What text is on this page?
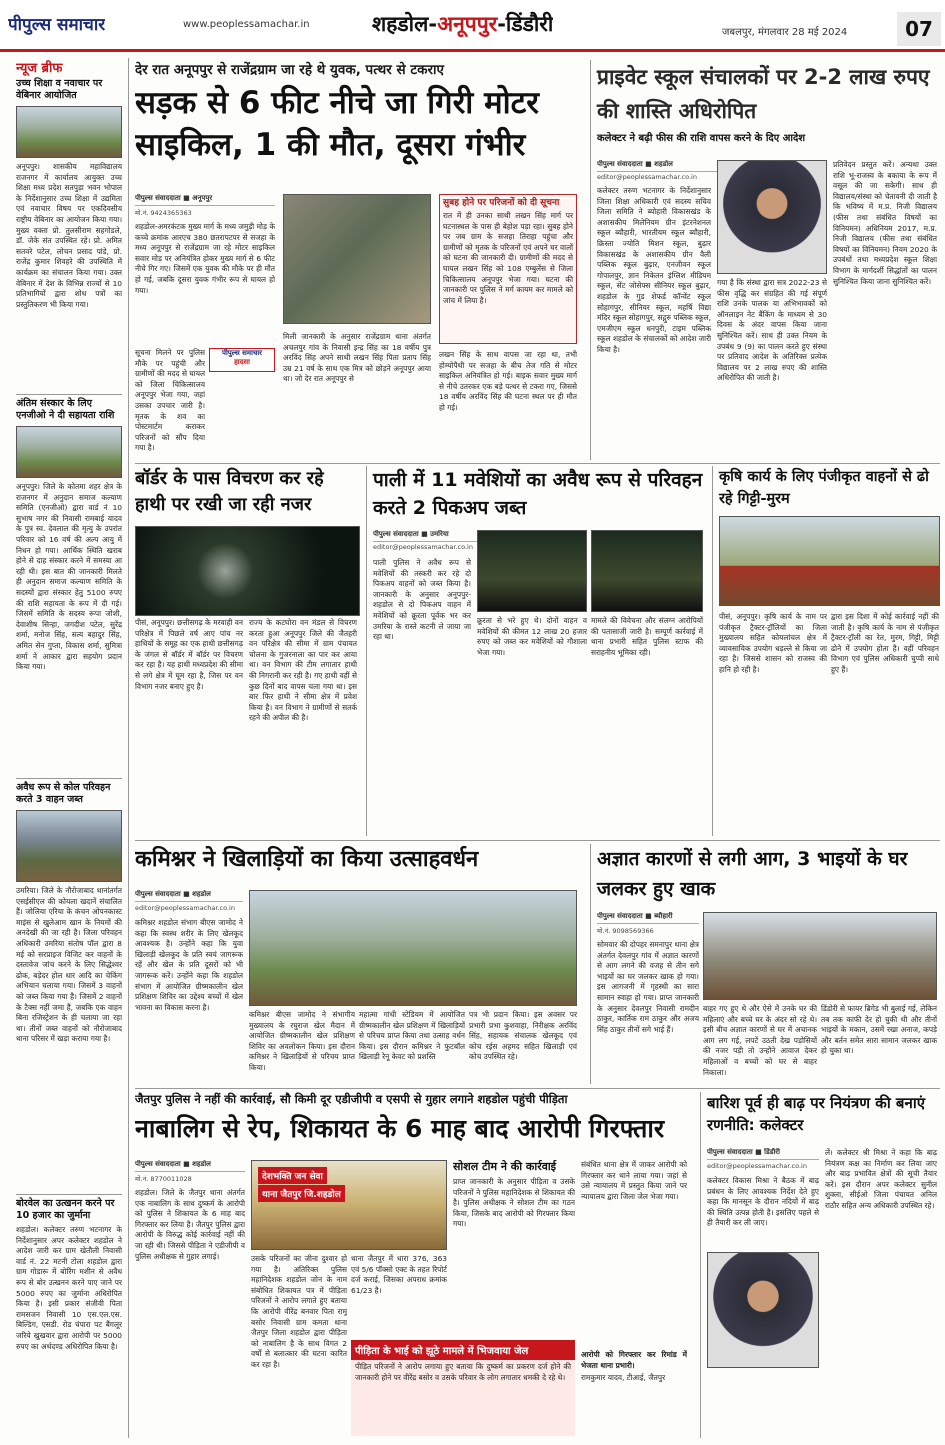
पीपुल्स समाचार	www.peoplessamachar.in	शहडोल-अनूपपुर-डिंडौरी	जबलपुर, मंगलवार 28 मई 2024	07
न्यूज ब्रीफ
उच्च शिक्षा व नवाचार पर वेबिनार आयोजित
अनूपपुर। शासकीय महाविद्यालय राजनगर में कार्यालय आयुक्त उच्च शिक्षा मध्य प्रदेश सतपुड़ा भवन भोपाल के निर्देशानुसार उच्च शिक्षा में उद्यमिता एवं नवाचार विषय पर एकदिवसीय राष्ट्रीय वेबिनार का आयोजन किया गया। मुख्य वक्ता प्रो. तुलसीराम सहगोडले, डॉ. जेके संत उपस्थित रहे। प्रो. अमित सतवरे पटेल, लोचन प्रसाद पांडे, प्रो. राजेंद्र कुमार शिवहरे की उपस्थिति में कार्यक्रम का संचालन किया गया। उक्त वेबिनार में देश के विभिन्न राज्यों से 10 प्रतिभागियों द्वारा शोध पत्रों का प्रस्तुतिकरण भी किया गया।
अंतिम संस्कार के लिए एनजीओ ने दी सहायता राशि
अनूपपुर। जिले के कोतमा शहर क्षेत्र के राजनगर में अनुदान समाज कल्याण समिति (एनजीओ) द्वारा वार्ड नं 10 सुभाष नगर की निवासी रामबाई यादव के पुत्र स्व. देवलाल की मृत्यु के उपरांत परिवार को 16 वर्ष की अल्प आयु में निधन हो गया। आर्थिक स्थिति खराब होने से दाह संस्कार करने में समस्या आ रही थी। इस बात की जानकारी मिलते ही अनुदान समाज कल्याण समिति के सदस्यों द्वारा संस्कार हेतु 5100 रुपए की राशि सहायता के रूप में दी गई। जिसमें समिति के सदस्य रूपा जोशी, देवाशीष सिन्हा, जगदीश पटेल, सुरेंद्र शर्मा, मनोज सिंह, सत्य बहादुर सिंह, अमित सेन गुप्ता, विकास शर्मा, सुमित्रा शर्मा ने आकार द्वारा सहयोग प्रदान किया गया।
अवैध रूप से कोल परिवहन करते 3 वाहन जब्त
उमरिया। जिले के नौरोजाबाद थानांतर्गत एसईसीएल की कोयला खदानें संचालित हैं। जोलिया एरिया के कंचन ओपनकास्ट माइंस से खुलेआम खान के नियमों की अनदेखी की जा रही है। जिला परिवहन अधिकारी उमरिया संतोष पॉल द्वारा 8 मई को सरप्राइज विजिट कर वाहनों के दस्तावेज जांच करने के लिए सिद्धेश्वर ढोक, बड़ेदर होल धार आदि का चेकिंग अभियान चलाया गया। जिसमें 3 वाहनों को जब्त किया गया है। जिसमें 2 वाहनों के टैक्स नहीं जमा हैं, जबकि एक वाहन बिना रजिस्ट्रेशन के ही चलाया जा रहा था। तीनों जब्त वाहनों को नौरोजाबाद थाना परिसर में खड़ा कराया गया है।
बोरवेल का उत्खनन करने पर 10 हजार का जुर्माना
शहडोल। कलेक्टर तरुण भटनागर के निर्देशानुसार अपर कलेक्टर शहडोल ने आदेश जारी कर ग्राम खेतौली निवासी वार्ड नं. 22 मटनी टोला शहडोल द्वारा ग्राम गोडारू में बोरिंग मशीन से अवैध रूप से बोर उत्खनन करने पाए जाने पर 5000 रुपए का जुर्माना अधिरोपित किया है। इसी प्रकार संजीवी पिता रामसजन निवासी 10 एस.एल.एस. बिल्डिंग, एसडी. रोड चंपारा पट बैंगलूर जरिये खुखवार द्वारा आरोपी पर 5000 रुपए का अर्थदण्ड अधिरोपित किया है।
देर रात अनूपपुर से राजेंद्रग्राम जा रहे थे युवक, पत्थर से टकराए
सड़क से 6 फीट नीचे जा गिरी मोटर साइकिल, 1 की मौत, दूसरा गंभीर
पीपुल्स संवाददाता ■ अनूपपुर
मो.नं. 9424365363
शहडोल-अमरकंटक मुख्य मार्ग के मध्य जमुड़ी मोड़ के कच्चे क्रमांक आरएच 380 छतरापटपर से सजहा के मध्य अनूपपुर से राजेंद्रग्राम जा रहे मोटर साइकिल सवार मोड़ पर अनियंत्रित होकर मुख्य मार्ग से 6 फीट नीचे गिर गए। जिसमें एक युवक की मौके पर ही मौत हो गई, जबकि दूसरा युवक गंभीर रूप से घायल हो गया।
सूचना मिलने पर पुलिस मौके पर पहुंची और ग्रामीणों की मदद से घायल को जिला चिकित्सालय अनूपपुर भेजा गया, जहां उसका उपचार जारी है। मृतक के शव का पोस्टमार्टम कराकर परिजनों को सौंप दिया गया है।
पीपुल्स समाचार
हादसा
मिली जानकारी के अनुसार राजेंद्रग्राम थाना अंतर्गत अचलपुर गांव के निवासी इन्द्र सिंह का 18 वर्षीय पुत्र अरविंद सिंह अपने साथी लखन सिंह पिता प्रताप सिंह उम्र 21 वर्ष के साथ एक मित्र को छोड़ने अनूपपुर आया था। जो देर रात अनूपपुर से
लखन सिंह के साथ वापस जा रहा था, तभी होम्योपैथी पर सजहा के बीच तेज गति से मोटर साइकिल अनियंत्रित हो गई। बाइक सवार मुख्य मार्ग से नीचे उतरकर एक बड़े पत्थर से टकरा गए, जिससे 18 वर्षीय अरविंद सिंह की घटना स्थल पर ही मौत हो गई।
सुबह होने पर परिजनों को दी सूचना
रात में ही उनका साथी लखन सिंह मार्ग पर घटनास्थल के पास ही बेहोश पड़ा रहा। सुबह होने पर जब ग्राम के सजहा तिराहा पहुंचा और ग्रामीणों को मृतक के परिजनों एवं अपने घर वालों को घटना की जानकारी दी। ग्रामीणों की मदद से घायल लखन सिंह को 108 एम्बुलेंस से जिला चिकित्सालय अनूपपुर भेजा गया। घटना की जानकारी पर पुलिस ने मर्ग कायम कर मामले को जांच में लिया है।
प्राइवेट स्कूल संचालकों पर 2-2 लाख रुपए की शास्ति अधिरोपित
कलेक्टर ने बढ़ी फीस की राशि वापस करने के दिए आदेश
पीपुल्स संवाददाता ■ शहडोल
editor@peoplessamachar.co.in
कलेक्टर तरुण भटनागर के निर्देशानुसार जिला शिक्षा अधिकारी एवं सदस्य सचिव जिला समिति ने ब्योहारी विकासखंड के अशासकीय मिलेनियम ग्रीन इंटरनेशनल स्कूल ब्यौहारी, भारतीयम स्कूल ब्यौहारी, क्रिस्ता ज्योति मिशन स्कूल, बुढ़ार विकासखंड के अशासकीय ग्रीन वैली पब्लिक स्कूल बुढ़ार, एनजीवन स्कूल गोपालपुर, ज्ञान निकेतन इंग्लिश मीडियम स्कूल, सेंट जोसेफ्स सीनियर स्कूल बुढ़ार, शहडोल के गुड शेफर्ड कॉन्वेंट स्कूल सोहागपुर, सीनियर स्कूल, महर्षि विद्या मंदिर स्कूल सोहागपुर, सद्गुरु पब्लिक स्कूल, एमजीएम स्कूल धनपुरी, टाइम पब्लिक स्कूल शहडोल के संचालकों को आदेश जारी किया है।
गया है कि संस्था द्वारा सत्र 2022-23 से फीस वृद्धि कर संग्रहित की गई संपूर्ण राशि उनके पालक या अभिभावकों को ऑनलाइन नेट बैंकिंग के माध्यम से 30 दिवस के अंदर वापस किया जाना सुनिश्चित करें। साथ ही उक्त नियम के उपबंध 9 (9) का पालन करते हुए संस्था पर प्रतिवाद आदेश के अतिरिक्त प्रत्येक विद्यालय पर 2 लाख रुपए की शास्ति अधिरोपित की जाती है।
प्रतिवेदन प्रस्तुत करें। अन्यथा उक्त राशि भू-राजस्व के बकाया के रूप में वसूल की जा सकेगी। साथ ही विद्यालय/संस्था को चेतावनी दी जाती है कि भविष्य में म.प्र. निजी विद्यालय (फीस तथा संबंधित विषयों का विनियमन) अधिनियम 2017, म.प्र. निजी विद्यालय (फीस तथा संबंधित विषयों का विनियमन) नियम 2020 के उपबंधों तथा मध्यप्रदेश स्कूल शिक्षा विभाग के मार्गदर्शी सिद्धांतों का पालन सुनिश्चित किया जाना सुनिश्चित करें।
बॉर्डर के पास विचरण कर रहे हाथी पर रखी जा रही नजर
पीसं, अनूपपुर। छत्तीसगढ़ के मरवाही वन परिक्षेत्र में पिछले वर्ष आए पांच नर हाथियों के समूह का एक हाथी छत्तीसगढ़ के जंगल से बॉर्डर में बॉर्डर पर विचरण कर रहा है। यह हाथी मध्यप्रदेश की सीमा से लगे क्षेत्र में घूम रहा है, जिस पर वन विभाग नजर बनाए हुए है।
राज्य के कटघोरा वन मंडल से विचरण करता हुआ अनूपपुर जिले की जैतहरी वन परिक्षेत्र की सीमा में ग्राम पंचायत चोलना के गुजरनाला का पार कर आया था। वन विभाग की टीम लगातार हाथी की निगरानी कर रही है। गए हाथी वहीं से कुछ दिनों बाद वापस चला गया था। इस बार फिर हाथी ने सीमा क्षेत्र में प्रवेश किया है। वन विभाग ने ग्रामीणों से सतर्क रहने की अपील की है।
पाली में 11 मवेशियों का अवैध रूप से परिवहन करते 2 पिकअप जब्त
पीपुल्स संवाददाता ■ उमरिया
editor@peoplessamachar.co.in
पाली पुलिस ने अवैध रूप से मवेशियों की तस्करी कर रहे दो पिकअप वाहनों को जब्त किया है। जानकारी के अनुसार अनूपपुर-शहडोल से दो पिकअप वाहन में मवेशियों को क्रूरता पूर्वक भर कर उमरिया के रास्ते कटनी ले जाया जा रहा था।
क्रूरता से भरे हुए थे। दोनों वाहन व मवेशियों की कीमत 12 लाख 20 हजार रुपए को जब्त कर मवेशियों को गौशाला भेजा गया।
मामले की विवेचना और संलग्न आरोपियों की पतासाजी जारी है। सम्पूर्ण कार्रवाई में थाना प्रभारी सहित पुलिस स्टाफ की सराहनीय भूमिका रही।
कृषि कार्य के लिए पंजीकृत वाहनों से ढो रहे गिट्टी-मुरम
पीसं, अनूपपुर। कृषि कार्य के नाम पर पंजीकृत ट्रैक्टर-ट्रॉलियों का जिला मुख्यालय सहित कोयलांचल क्षेत्र में व्यावसायिक उपयोग धड़ल्ले से किया जा रहा है। जिससे शासन को राजस्व की हानि हो रही है।
द्वारा इस दिशा में कोई कार्रवाई नहीं की जाती है। कृषि कार्य के नाम से पंजीकृत ट्रैक्टर-ट्रॉली का रेत, मुरम, गिट्टी, मिट्टी ढोने में उपयोग होता है। वहीं परिवहन विभाग एवं पुलिस अधिकारी चुप्पी साधे हुए हैं।
कमिश्नर ने खिलाड़ियों का किया उत्साहवर्धन
पीपुल्स संवाददाता ■ शहडोल
editor@peoplessamachar.co.in
कमिश्नर शहडोल संभाग बीएस जामोद ने कहा कि स्वस्थ शरीर के लिए खेलकूद आवश्यक है। उन्होंने कहा कि युवा खिलाड़ी खेलकूद के प्रति स्वयं जागरूक रहें और खेल के प्रति दूसरों को भी जागरूक करें। उन्होंने कहा कि शहडोल संभाग में आयोजित ग्रीष्मकालीन खेल प्रशिक्षण शिविर का उद्देश्य बच्चों में खेल भावना का विकास करना है।
कमिश्नर बीएस जामोद ने संभागीय मुख्यालय के रघुराज खेल मैदान में आयोजित ग्रीष्मकालीन खेल प्रशिक्षण शिविर का अवलोकन किया। इस दौरान कमिश्नर ने खिलाड़ियों से परिचय प्राप्त किया।
महात्मा गांधी स्टेडियम में आयोजित ग्रीष्मकालीन खेल प्रशिक्षण में खिलाड़ियों से परिचय प्राप्त किया तथा उत्साह वर्धन किया। इस दौरान कमिश्नर ने फुटबॉल खिलाड़ी रेनू केवट को प्रशस्ति
पत्र भी प्रदान किया। इस अवसर पर प्रभारी प्रभा कुशवाहा, निरीक्षक अरविंद सिंह, सहायक संचालक खेलकूद एवं कोच रईस अहमद सहित खिलाड़ी एवं कोच उपस्थित रहे।
अज्ञात कारणों से लगी आग, 3 भाइयों के घर जलकर हुए खाक
पीपुल्स संवाददाता ■ ब्यौहारी
मो.नं. 9098569366
सोमवार की दोपहर समनापुर थाना क्षेत्र अंतर्गत देवलपुर गांव में अज्ञात कारणों से आग लगने की वजह से तीन सगे भाइयों का घर जलकर खाक हो गया। इस आगजनी में गृहस्थी का सारा सामान स्वाहा हो गया। प्राप्त जानकारी के अनुसार देवलपुर निवासी रामदीन ठाकुर, कार्तिक राम ठाकुर और अजय सिंह ठाकुर तीनों सगे भाई हैं।
बाहर गए हुए थे और ऐसे में उनके घर की महिलाएं और बच्चे घर के अंदर सो रहे थे। इसी बीच अज्ञात कारणों से घर में अचानक आग लग गई, लपटें उठती देख पड़ोसियों की नजर पड़ी तो उन्होंने आवाज देकर महिलाओं व बच्चों को घर से बाहर निकाला।
डिंडोरी से फायर ब्रिगेड भी बुलाई गई, लेकिन तब तक काफी देर हो चुकी थी और तीनों भाइयों के मकान, उसमें रखा अनाज, कपड़े और बर्तन समेत सारा सामान जलकर खाक हो चुका था।
जैतपुर पुलिस ने नहीं की कार्रवाई, सौ किमी दूर एडीजीपी व एसपी से गुहार लगाने शहडोल पहुंची पीड़िता
नाबालिग से रेप, शिकायत के 6 माह बाद आरोपी गिरफ्तार
पीपुल्स संवाददाता ■ शहडोल
मो.नं. 8770011028
शहडोल। जिले के जैतपुर थाना अंतर्गत एक नाबालिग के साथ दुष्कर्म के आरोपी को पुलिस ने शिकायत के 6 माह बाद गिरफ्तार कर लिया है। जैतपुर पुलिस द्वारा आरोपी के विरुद्ध कोई कार्रवाई नहीं की जा रही थी। जिससे पीड़िता ने एडीजीपी व पुलिस अधीक्षक से गुहार लगाई।
देशभक्ति जन सेवा
थाना जैतपुर जि.शहडोल
उसके परिजनों का जीना दुश्वार हो गया है। अतिरिक्त पुलिस महानिदेशक शहडोल जोन के नाम संबोधित शिकायत पत्र में पीड़िता परिजनों ने आरोप लगाते हुए बताया कि आरोपी वीरेंद्र बनवार पिता रामू बसोर निवासी ग्राम कमता थाना जैतपुर जिला शहडोल द्वारा पीड़िता को नाबालिग है के साथ विगत 2 वर्षों से बलात्कार की घटना कारित कर रहा है।
थाना जैतपुर में धारा 376, 363 एवं 5/6 पॉक्सो एक्ट के तहत रिपोर्ट दर्ज कराई, जिसका अपराध क्रमांक 61/23 है।
सोशल टीम ने की कार्रवाई
प्राप्त जानकारी के अनुसार पीड़िता व उसके परिजनों ने पुलिस महानिदेशक से शिकायत की है। पुलिस अधीक्षक ने सोशल टीम का गठन किया, जिसके बाद आरोपी को गिरफ्तार किया गया।
पीड़िता के भाई को झूठे मामले में भिजवाया जेल
पीड़ित परिजनों ने आरोप लगाया हुए बताया कि दुष्कर्म का प्रकरण दर्ज होने की जानकारी होने पर वीरेंद्र बसोर व उसके परिवार के लोग लगातार धमकी दे रहे थे।
संबंधित थाना क्षेत्र में जाकर आरोपी को गिरफ्तार कर थाने लाया गया। जहां से उसे न्यायालय में प्रस्तुत किया जाने पर न्यायालय द्वारा जिला जेल भेजा गया।
आरोपी को गिरफ्तार कर रिमांड में भेजता थाना प्रभारी।
रामकुमार यादव, टीआई, जैतपुर
बारिश पूर्व ही बाढ़ पर नियंत्रण की बनाएं रणनीति: कलेक्टर
पीपुल्स संवाददाता ■ डिंडौरी
editor@peoplessamachar.co.in
कलेक्टर विकास मिश्रा ने बैठक में बाढ़ प्रबंधन के लिए आवश्यक निर्देश देते हुए कहा कि मानसून के दौरान नदियों में बाढ़ की स्थिति उत्पन्न होती है। इसलिए पहले से ही तैयारी कर ली जाए।
लें। कलेक्टर श्री मिश्रा ने कहा कि बाढ़ नियंत्रण कक्ष का निर्माण कर लिया जाए और बाढ़ प्रभावित क्षेत्रों की सूची तैयार करें। इस दौरान अपर कलेक्टर सुनील शुक्ला, सीईओ जिला पंचायत अनिल राठौर सहित अन्य अधिकारी उपस्थित रहे।
